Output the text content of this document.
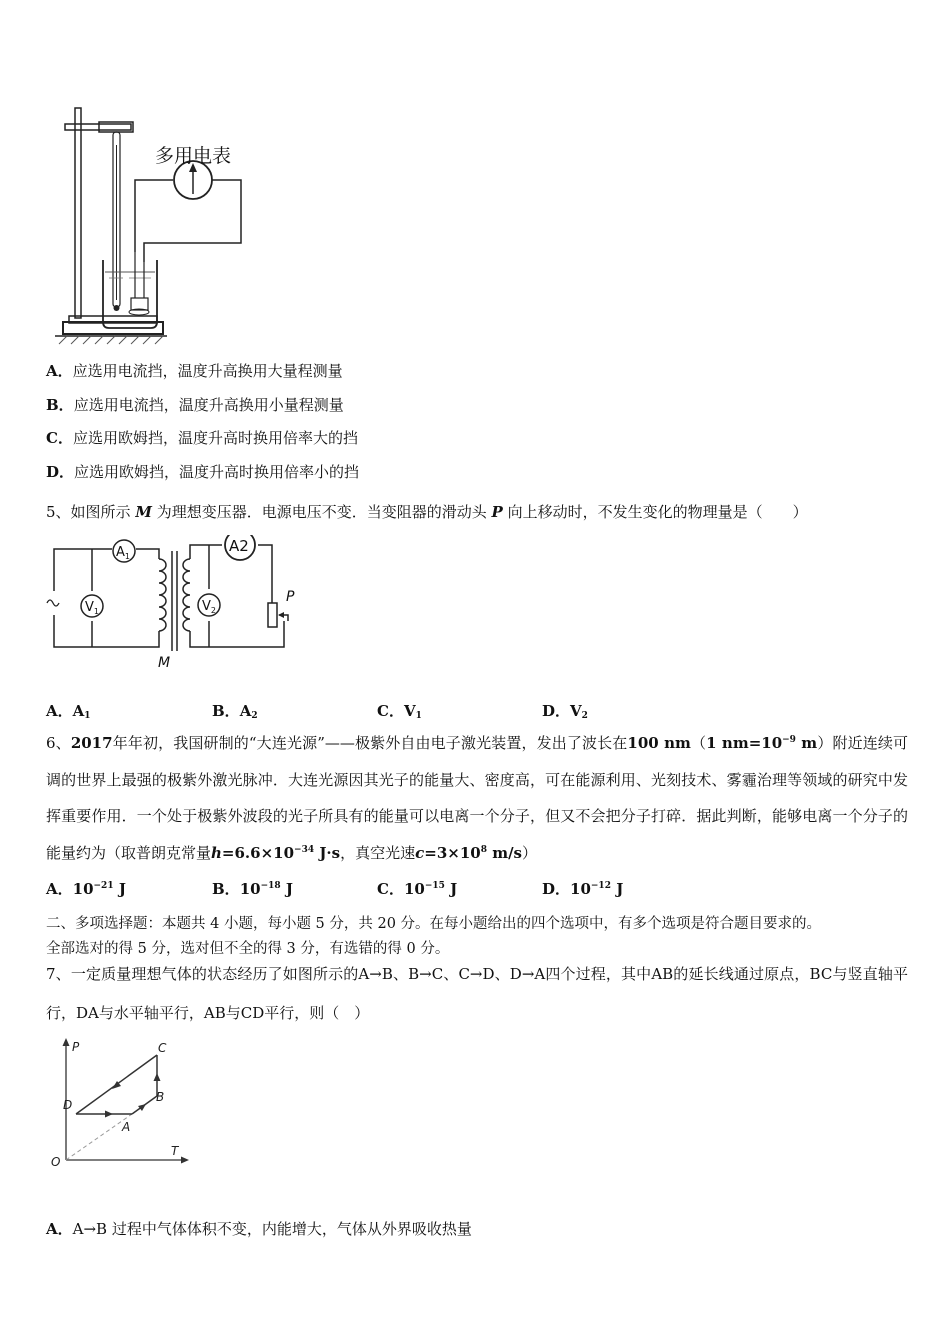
多用电表
A．应选用电流挡，温度升高换用大量程测量
B．应选用电流挡，温度升高换用小量程测量
C．应选用欧姆挡，温度升高时换用倍率大的挡
D．应选用欧姆挡，温度升高时换用倍率小的挡
5、如图所示 M 为理想变压器．电源电压不变．当变阻器的滑动头 P 向上移动时，不发生变化的物理量是（　　）
$A_1$
A2
$V_1$	$V_2$
P
M
A．$A_1$	B．$A_2$	C．$V_1$	D．$V_2$
6、2017年年初，我国研制的“大连光源”——极紫外自由电子激光装置，发出了波长在100 nm（1 $nm=10^{-9}$ m）附近连续可调的世界上最强的极紫外激光脉冲．大连光源因其光子的能量大、密度高，可在能源利用、光刻技术、雾霾治理等领域的研究中发挥重要作用．一个处于极紫外波段的光子所具有的能量可以电离一个分子，但又不会把分子打碎．据此判断，能够电离一个分子的能量约为（取普朗克常量$h=6.6\times 10^{-34}$ J·s，真空光速$c=3\times 10^8$ m/s）
A．$10^{-21}$ J	B．$10^{-18}$ J	C．$10^{-15}$ J	D．$10^{-12}$ J
二、多项选择题：本题共 4 小题，每小题 5 分，共 20 分。在每小题给出的四个选项中，有多个选项是符合题目要求的。
全部选对的得 5 分，选对但不全的得 3 分，有选错的得 0 分。
7、一定质量理想气体的状态经历了如图所示的A→B、B→C、C→D、D→A四个过程，其中AB的延长线通过原点，BC与竖直轴平行，DA与水平轴平行，AB与CD平行，则（　）
P
T
O
A
B
C
D
A．A→B 过程中气体体积不变，内能增大，气体从外界吸收热量
